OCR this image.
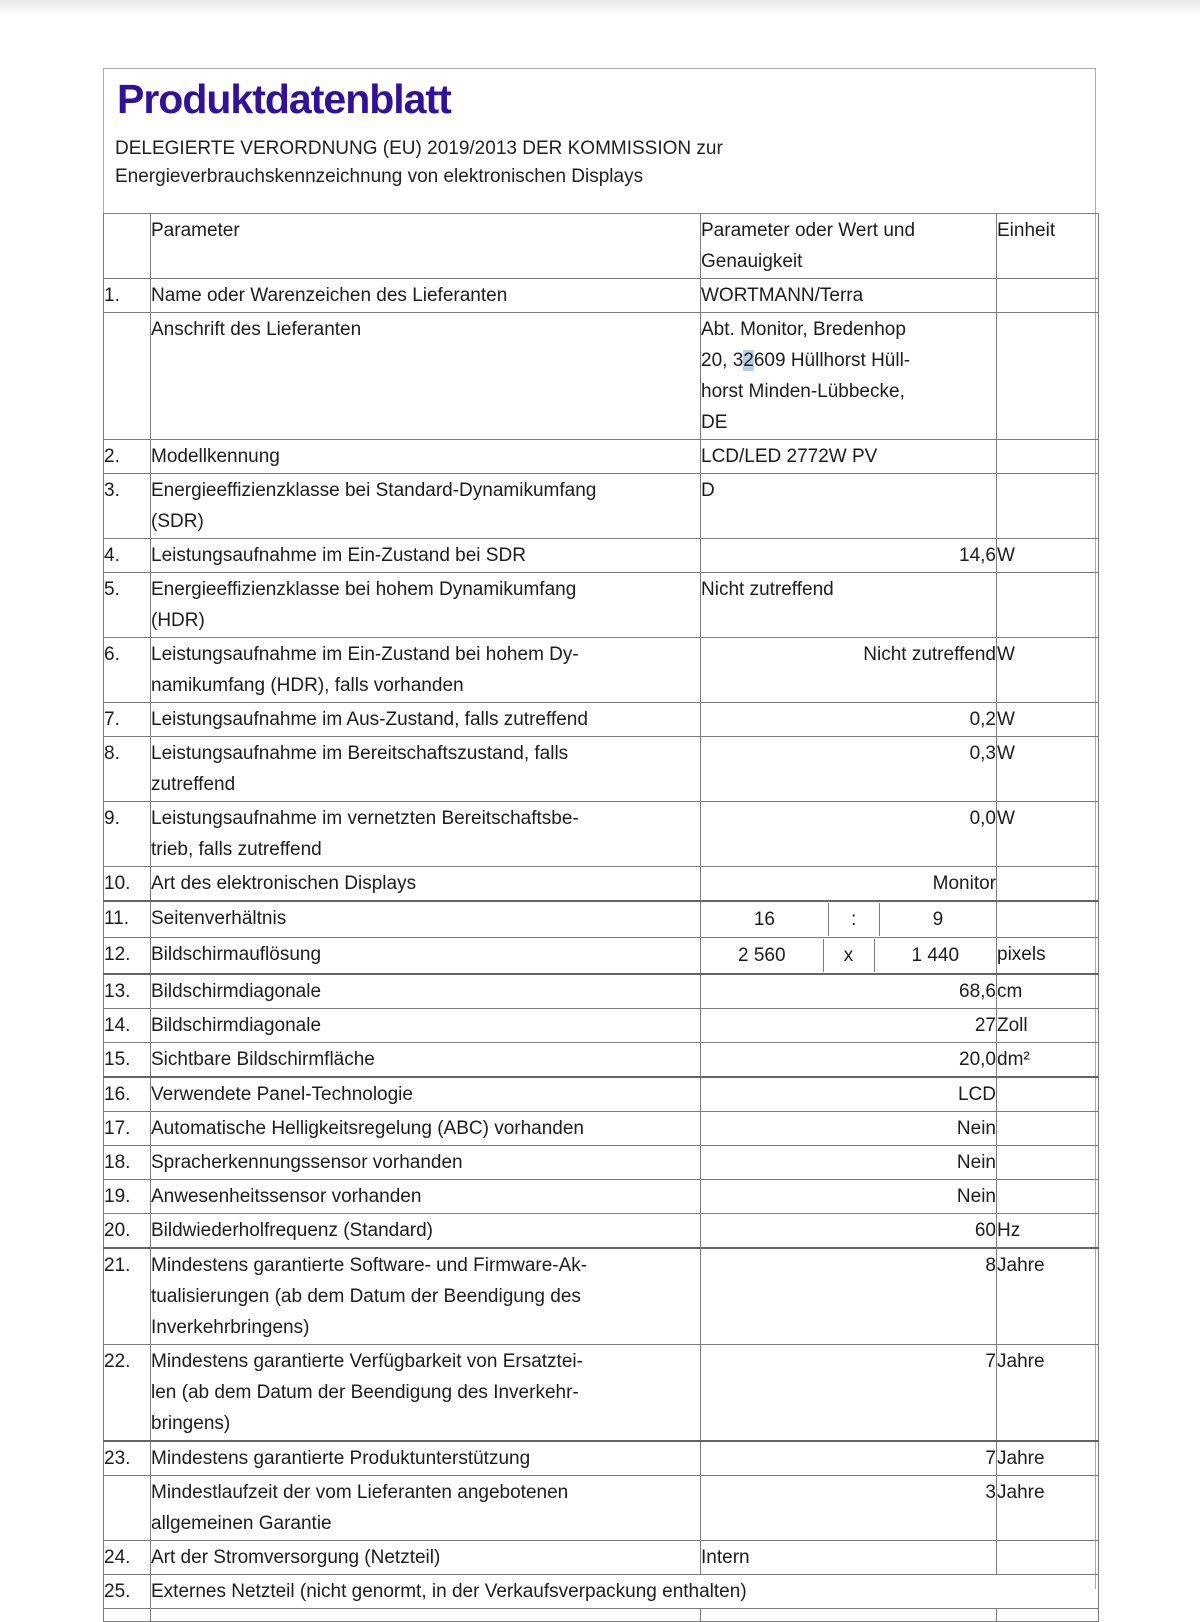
Produktdatenblatt

DELEGIERTE VERORDNUNG (EU) 2019/2013 DER KOMMISSION zur
Energieverbrauchskennzeichnung von elektronischen Displays

	Parameter	Parameter oder Wert und
Genauigkeit	Einheit
1.	Name oder Warenzeichen des Lieferanten	WORTMANN/Terra	
	Anschrift des Lieferanten	Abt. Monitor, Bredenhop
20, 32609 Hüllhorst Hüll-
horst Minden-Lübbecke,
DE	
2.	Modellkennung	LCD/LED 2772W PV	
3.	Energieeffizienzklasse bei Standard-Dynamikumfang
(SDR)	D	
4.	Leistungsaufnahme im Ein-Zustand bei SDR	14,6	W
5.	Energieeffizienzklasse bei hohem Dynamikumfang
(HDR)	Nicht zutreffend	
6.	Leistungsaufnahme im Ein-Zustand bei hohem Dy-
namikumfang (HDR), falls vorhanden	Nicht zutreffend	W
7.	Leistungsaufnahme im Aus-Zustand, falls zutreffend	0,2	W
8.	Leistungsaufnahme im Bereitschaftszustand, falls
zutreffend	0,3	W
9.	Leistungsaufnahme im vernetzten Bereitschaftsbe-
trieb, falls zutreffend	0,0	W
10.	Art des elektronischen Displays	Monitor	
11.	Seitenverhältnis	16 : 9	

12.	Bildschirmauflösung	2 560 x 1 440	pixels
13.	Bildschirmdiagonale	68,6	cm
14.	Bildschirmdiagonale	27	Zoll
15.	Sichtbare Bildschirmfläche	20,0	dm²
16.	Verwendete Panel-Technologie	LCD	
17.	Automatische Helligkeitsregelung (ABC) vorhanden	Nein	
18.	Spracherkennungssensor vorhanden	Nein	
19.	Anwesenheitssensor vorhanden	Nein	
20.	Bildwiederholfrequenz (Standard)	60	Hz
21.	Mindestens garantierte Software- und Firmware-Ak-
tualisierungen (ab dem Datum der Beendigung des
Inverkehrbringens)	8	Jahre
22.	Mindestens garantierte Verfügbarkeit von Ersatztei-
len (ab dem Datum der Beendigung des Inverkehr-
bringens)	7	Jahre
23.	Mindestens garantierte Produktunterstützung	7	Jahre
	Mindestlaufzeit der vom Lieferanten angebotenen
allgemeinen Garantie	3	Jahre
24.	Art der Stromversorgung (Netzteil)	Intern	
25.	Externes Netzteil (nicht genormt, in der Verkaufsverpackung enthalten)		
